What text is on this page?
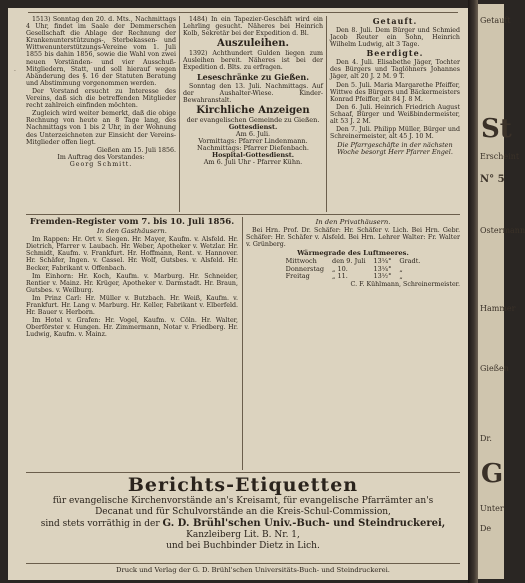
·

1513) Sonntag den 20. d. Mts., Nachmittags 4 Uhr, findet im Saale der Demmerschen Gesellschaft die Ablage der Rechnung der Krankenunterstützungs-, Sterbekassen- und Wittwenunterstützungs-Vereine vom 1. Juli 1855 bis dahin 1856, sowie die Wahl von zwei neuen Vorständen- und vier Ausschuß-Mitgliedern, Statt, und soll hierauf wegen Abänderung des §. 16 der Statuten Beratung und Abstimmung vorgenommen werden.

Der Vorstand ersucht zu Interesse des Vereins, daß sich die betreffenden Mitglieder recht zahlreich einfinden möchten.

Zugleich wird weiter bemerkt, daß die obige Rechnung von heute an 8 Tage lang, des Nachmittags von 1 bis 2 Uhr, in der Wohnung des Unterzeichneten zur Einsicht der Vereins-Mitglieder offen liegt.

Gießen am 15. Juli 1856.
Im Auftrag des Vorstandes:
Georg Schmitt.

1484) In ein Tapezier-Geschäft wird ein Lehrling gesucht. Näheres bei Heinrich Kolb, Sekretär bei der Expedition d. Bl.

Auszuleihen.

1392) Achthundert Gulden liegen zum Ausleihen bereit. Näheres ist bei der Expedition d. Blts. zu erfragen.

Leseschränke zu Gießen.

Sonntag den 13. Juli. Nachmittags. Auf der Aushalter-Wiese. Kinder-Bewahranstalt.

Kirchliche Anzeigen
der evangelischen Gemeinde zu Gießen.
Gottesdienst.
Am 6. Juli.
Vormittags: Pfarrer Lindenmann.
Nachmittags: Pfarrer Diefenbach.
Hospital-Gottesdienst.
Am 6. Juli Uhr - Pfarrer Kühn.
Getauft.

Den 8. Juli. Dem Bürger und Schmied Jacob Reuter ein Sohn, Heinrich Wilhelm Ludwig, alt 3 Tage.

Beerdigte.

Den 4. Juli. Elisabethe Jäger, Tochter des Bürgers und Taglöhners Johannes Jäger, alt 20 J. 2 M. 9 T.

Den 5. Juli. Maria Margarethe Pfeiffer, Wittwe des Bürgers und Bäckermeisters Konrad Pfeiffer, alt 84 J. 8 M.

Den 6. Juli. Heinrich Friedrich August Schaaf, Bürger und Weißbindermeister, alt 53 J. 2 M.

Den 7. Juli. Philipp Müller, Bürger und Schreinermeister, alt 45 J. 10 M.

Die Pfarrgeschäfte in der nächsten Woche besorgt Herr Pfarrer Engel.
Fremden-Register vom 7. bis 10. Juli 1856.
In den Gasthäusern.

Im Rappen: Hr. Ort v. Siegen. Hr. Mayer, Kaufm. v. Alsfeld. Hr. Dietrich, Pfarrer v. Laubach. Hr. Weber, Apotheker v. Wetzlar. Hr. Schmidt, Kaufm. v. Frankfurt. Hr. Hoffmann, Rent. v. Hannover. Hr. Schäfer, Ingen. v. Cassel. Hr. Wolf, Gutsbes. v. Alsfeld. Hr. Becker, Fabrikant v. Offenbach.

Im Einhorn: Hr. Koch, Kaufm. v. Marburg. Hr. Schneider, Rentier v. Mainz. Hr. Krüger, Apotheker v. Darmstadt. Hr. Braun, Gutsbes. v. Weilburg.

Im Prinz Carl: Hr. Müller v. Butzbach. Hr. Weiß, Kaufm. v. Frankfurt. Hr. Lang v. Marburg. Hr. Keller, Fabrikant v. Elberfeld. Hr. Bauer v. Herborn.

Im Hotel v. Grafen: Hr. Vogel, Kaufm. v. Cöln. Hr. Walter, Oberförster v. Hungen. Hr. Zimmermann, Notar v. Friedberg. Hr. Ludwig, Kaufm. v. Mainz.

In den Privathäusern.

Bei Hrn. Prof. Dr. Schäfer: Hr. Schäfer v. Lich. Bei Hrn. Gebr. Schäfer: Hr. Schäfer v. Alsfeld. Bei Hrn. Lehrer Walter: Fr. Walter v. Grünberg.

Wärmegrade des Luftmeeres.
Mittwoch	den 9. Juli	13¼°	Gradt.
Donnerstag	„ 10.	13¼°	„
Freitag	„ 11.	13½°	„
C. F. Kühlmann, Schreinermeister.
Berichts-Etiquetten
für evangelische Kirchenvorstände an's Kreisamt, für evangelische Pfarrämter an's
Decanat und für Schulvorstände an die Kreis-Schul-Commission,
sind stets vorräthig in der G. D. Brühl'schen Univ.-Buch- und Steindruckerei,
Kanzleiberg Lit. B. Nr. 1,
und bei Buchbinder Dietz in Lich.
Druck und Verlag der G. D. Brühl'schen Universitäts-Buch- und Steindruckerei.
Getauft
St
Erscheint
N° 5
Ostermann
Hammer
Gießen
Dr.
G
Unter
De
